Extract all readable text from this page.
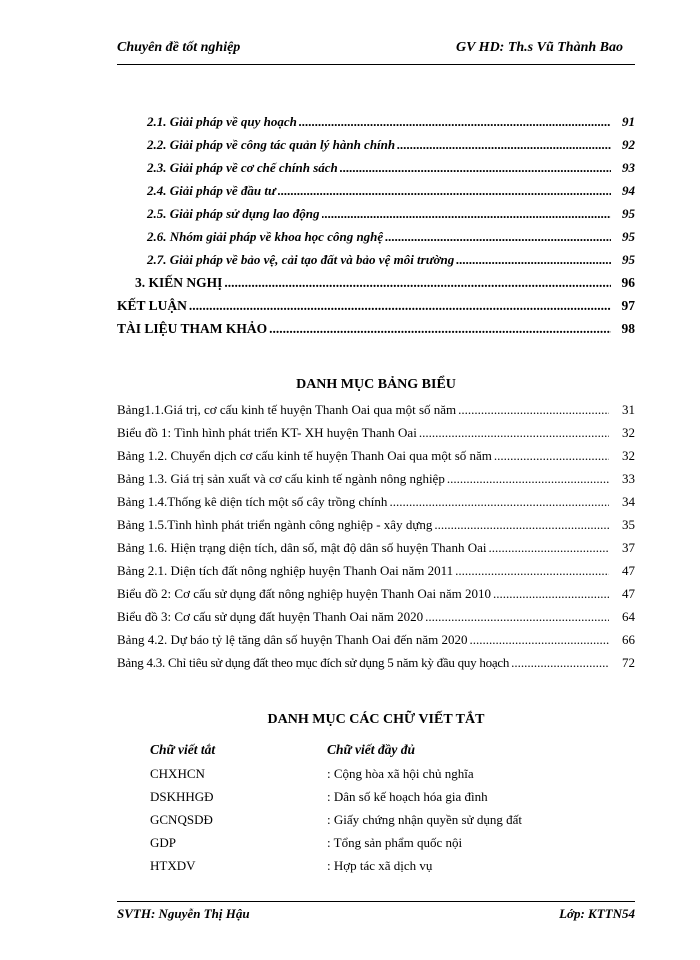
Chuyên đề tốt nghiệp	GV HD: Th.s Vũ Thành Bao
2.1. Giải pháp về quy hoạch .....	91
2.2. Giải pháp về công tác quản lý hành chính .....	92
2.3. Giải pháp về cơ chế chính sách .....	93
2.4. Giải pháp về đầu tư .....	94
2.5. Giải pháp sử dụng lao động .....	95
2.6. Nhóm giải pháp về khoa học công nghệ .....	95
2.7. Giải pháp về bảo vệ, cải tạo đất và bảo vệ môi trường .....	95
3. KIẾN NGHỊ .....	96
KẾT LUẬN .....	97
TÀI LIỆU THAM KHẢO .....	98
DANH MỤC BẢNG BIỂU
Bảng1.1.Giá trị, cơ cấu kinh tế huyện Thanh Oai qua một số năm .....	31
Biểu đồ 1: Tình hình phát triển KT- XH huyện Thanh Oai .....	32
Bảng 1.2. Chuyển dịch cơ cấu kinh tế huyện Thanh Oai qua một số năm .....	32
Bảng 1.3. Giá trị sản xuất và cơ cấu kinh tế ngành nông nghiệp .....	33
Bảng 1.4.Thống kê diện tích một số cây trồng chính .....	34
Bảng 1.5.Tình hình phát triển ngành công nghiệp - xây dựng .....	35
Bảng 1.6. Hiện trạng diện tích, dân số, mật độ dân số huyện Thanh Oai .....	37
Bảng 2.1. Diện tích đất nông nghiệp huyện Thanh Oai năm 2011 .....	47
Biểu đồ 2: Cơ cấu sử dụng đất nông nghiệp huyện Thanh Oai năm 2010 .....	47
Biểu đồ 3: Cơ cấu sử dụng đất huyện Thanh Oai năm 2020 .....	64
Bảng 4.2. Dự báo tỷ lệ tăng dân số huyện Thanh Oai đến năm 2020 .....	66
Bảng 4.3. Chỉ tiêu sử dụng đất theo mục đích sử dụng 5 năm kỳ đầu quy hoạch .....	72
DANH MỤC CÁC CHỮ VIẾT TẮT
Chữ viết tắt	Chữ viết đầy đủ
CHXHCN	: Cộng hòa xã hội chủ nghĩa
DSKHHGĐ	: Dân số kế hoạch hóa gia đình
GCNQSDĐ	: Giấy chứng nhận quyền sử dụng đất
GDP	: Tổng sản phẩm quốc nội
HTXDV	: Hợp tác xã dịch vụ
SVTH: Nguyễn Thị Hậu	Lớp: KTTN54
